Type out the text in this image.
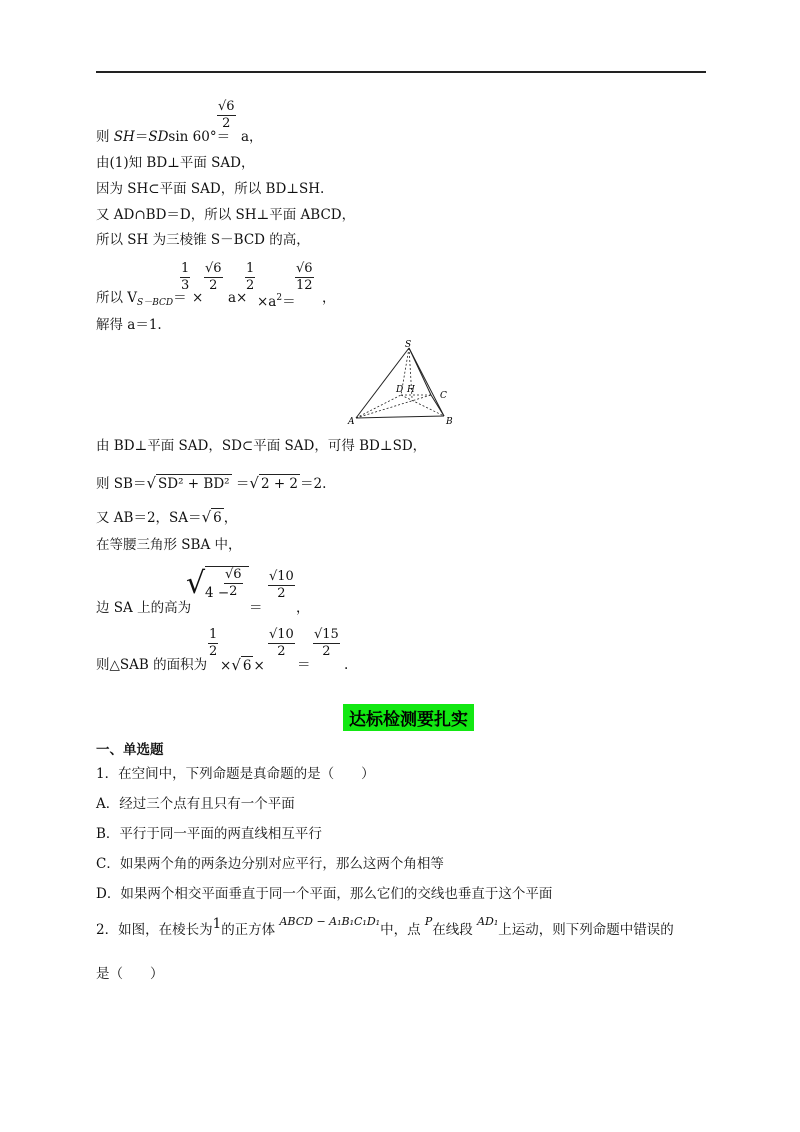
则 SH＝SDsin 60°＝
√6
2
a，
由(1)知 BD⊥平面 SAD，
因为 SH⊂平面 SAD，所以 BD⊥SH.
又 AD∩BD＝D，所以 SH⊥平面 ABCD，
所以 SH 为三棱锥 S－BCD 的高，
所以 $V_{S-BCD}=$
1
3
×
√6
2
a×
1
2
$\times a^2=$
√6
12
，
解得 a＝1.
S
D H
C
A	B
由 BD⊥平面 SAD，SD⊂平面 SAD，可得 BD⊥SD，
则 SB＝√ SD² + BD² ＝√ 2 + 2 ＝2.
又 AB＝2，SA＝√ 6 ，
在等腰三角形 SBA 中，
边 SA 上的高为
√ 4 −
√6
2
＝
√10
2
，
则△SAB 的面积为
1
2
×√ 6 ×
√10
2
＝
√15
2
.
达标检测要扎实
一、单选题
1．在空间中，下列命题是真命题的是（　　）
A．经过三个点有且只有一个平面
B．平行于同一平面的两直线相互平行
C．如果两个角的两条边分别对应平行，那么这两个角相等
D．如果两个相交平面垂直于同一个平面，那么它们的交线也垂直于这个平面
2．如图，在棱长为1的正方体 $^{ABCD - A_1B_1C_1D_1}$中，点 $^P$在线段 $^{AD_1}$上运动，则下列命题中错误的
是（　　）
